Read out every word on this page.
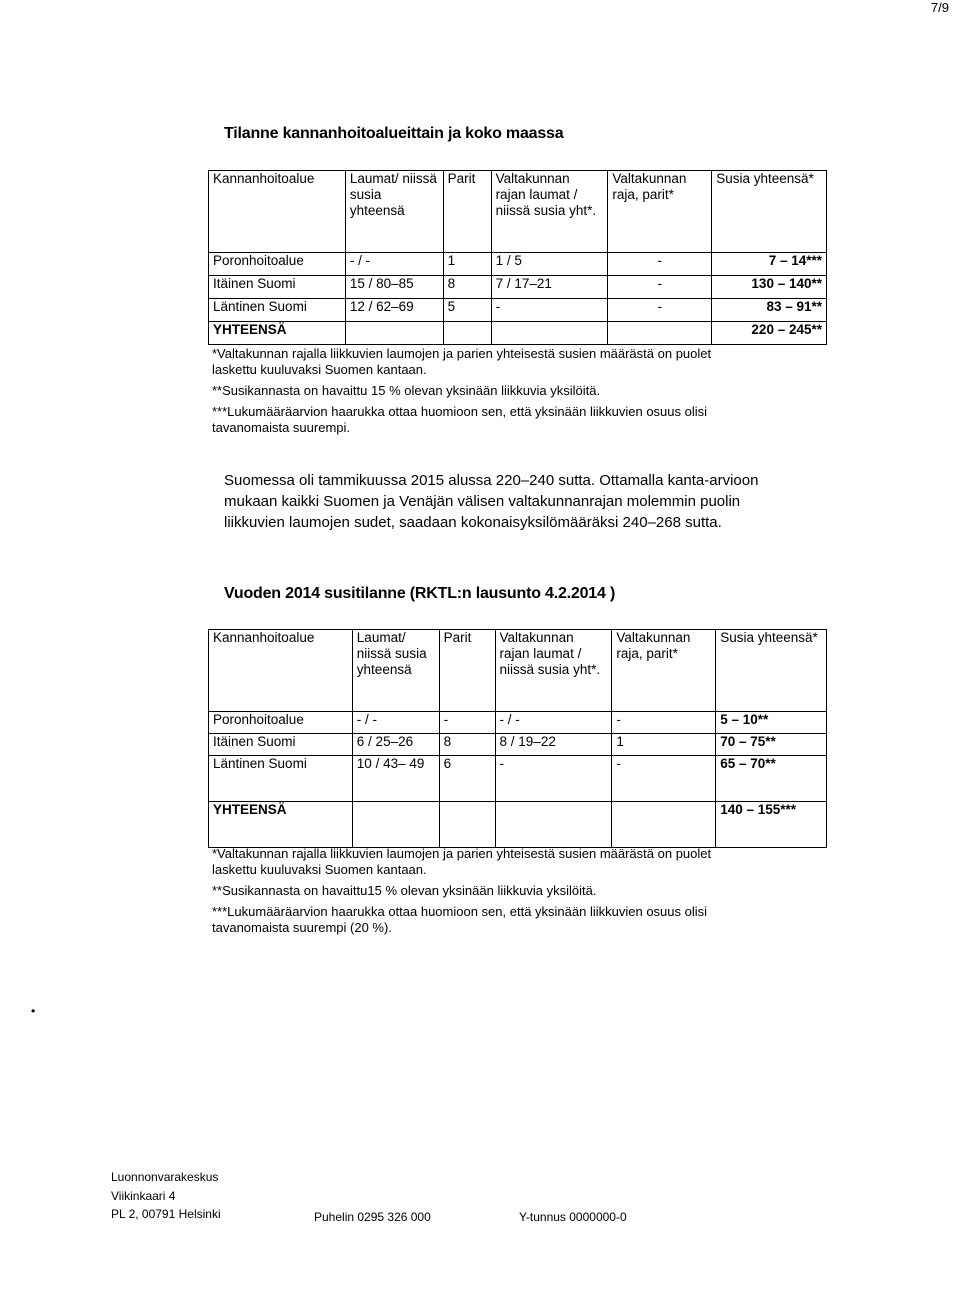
7/9
Tilanne kannanhoitoalueittain ja koko maassa
Kannanhoitoalue	Laumat/ niissä susia yhteensä	Parit	Valtakunnan rajan laumat / niissä susia yht*.	Valtakunnan raja, parit*	Susia yhteensä*
Poronhoitoalue	- / -	1	1 / 5	-	7 – 14***
Itäinen Suomi	15 / 80–85	8	7 / 17–21	-	130 – 140**
Läntinen Suomi	12 / 62–69	5	-	-	83 – 91**
YHTEENSÄ					220 – 245**
*Valtakunnan rajalla liikkuvien laumojen ja parien yhteisestä susien määrästä on puolet
laskettu kuuluvaksi Suomen kantaan.
**Susikannasta on havaittu 15 % olevan yksinään liikkuvia yksilöitä.
***Lukumääräarvion haarukka ottaa huomioon sen, että yksinään liikkuvien osuus olisi
tavanomaista suurempi.
Suomessa oli tammikuussa 2015 alussa 220–240 sutta. Ottamalla kanta-arvioon
mukaan kaikki Suomen ja Venäjän välisen valtakunnanrajan molemmin puolin
liikkuvien laumojen sudet, saadaan kokonaisyksilömääräksi 240–268 sutta.
Vuoden 2014 susitilanne (RKTL:n lausunto 4.2.2014 )
Kannanhoitoalue	Laumat/ niissä susia yhteensä	Parit	Valtakunnan rajan laumat / niissä susia yht*.	Valtakunnan raja, parit*	Susia yhteensä*
Poronhoitoalue	- / -	-	- / -	-	5 – 10**
Itäinen Suomi	6 / 25–26	8	8 / 19–22	1	70 – 75**
Läntinen Suomi	10 / 43– 49	6	-	-	65 – 70**
YHTEENSÄ					140 – 155***
*Valtakunnan rajalla liikkuvien laumojen ja parien yhteisestä susien määrästä on puolet
laskettu kuuluvaksi Suomen kantaan.
**Susikannasta on havaittu15 % olevan yksinään liikkuvia yksilöitä.
***Lukumääräarvion haarukka ottaa huomioon sen, että yksinään liikkuvien osuus olisi
tavanomaista suurempi (20 %).
•
Luonnonvarakeskus
Viikinkaari 4
PL 2, 00791 Helsinki	Puhelin 0295 326 000	Y-tunnus 0000000-0
